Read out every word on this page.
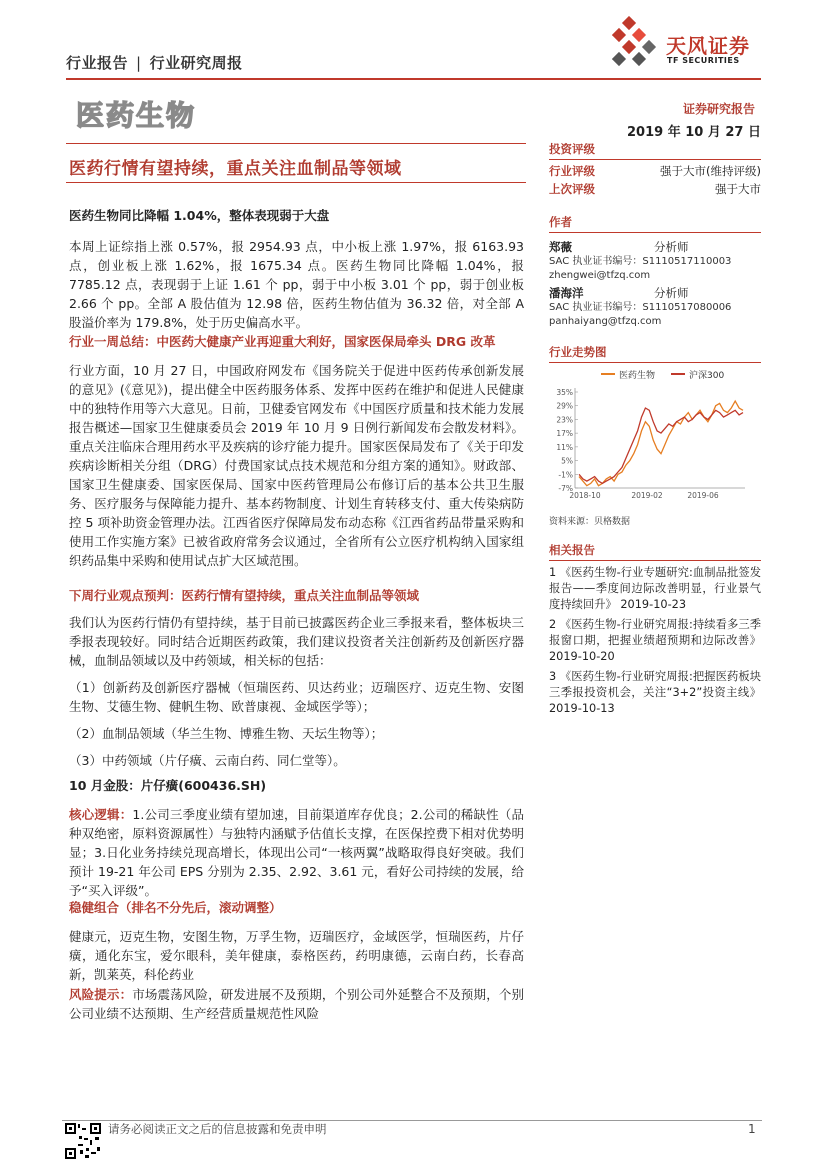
行业报告 | 行业研究周报
天风证券
TF SECURITIES
医药生物	证券研究报告
2019 年 10 月 27 日
医药行情有望持续，重点关注血制品等领域
医药生物同比降幅 1.04%，整体表现弱于大盘
本周上证综指上涨 0.57%，报 2954.93 点，中小板上涨 1.97%，报 6163.93 点，创业板上涨 1.62%，报 1675.34 点。医药生物同比降幅 1.04%，报 7785.12 点，表现弱于上证 1.61 个 pp，弱于中小板 3.01 个 pp，弱于创业板 2.66 个 pp。全部 A 股估值为 12.98 倍，医药生物估值为 36.32 倍，对全部 A 股溢价率为 179.8%，处于历史偏高水平。
行业一周总结：中医药大健康产业再迎重大利好，国家医保局牵头 DRG 改革
行业方面，10 月 27 日，中国政府网发布《国务院关于促进中医药传承创新发展的意见》(《意见》)，提出健全中医药服务体系、发挥中医药在维护和促进人民健康中的独特作用等六大意见。日前，卫健委官网发布《中国医疗质量和技术能力发展报告概述—国家卫生健康委员会 2019 年 10 月 9 日例行新闻发布会散发材料》。重点关注临床合理用药水平及疾病的诊疗能力提升。国家医保局发布了《关于印发疾病诊断相关分组（DRG）付费国家试点技术规范和分组方案的通知》。财政部、国家卫生健康委、国家医保局、国家中医药管理局公布修订后的基本公共卫生服务、医疗服务与保障能力提升、基本药物制度、计划生育转移支付、重大传染病防控 5 项补助资金管理办法。江西省医疗保障局发布动态称《江西省药品带量采购和使用工作实施方案》已被省政府常务会议通过，全省所有公立医疗机构纳入国家组织药品集中采购和使用试点扩大区域范围。
下周行业观点预判：医药行情有望持续，重点关注血制品等领域
我们认为医药行情仍有望持续，基于目前已披露医药企业三季报来看，整体板块三季报表现较好。同时结合近期医药政策，我们建议投资者关注创新药及创新医疗器械，血制品领域以及中药领域，相关标的包括：
（1）创新药及创新医疗器械（恒瑞医药、贝达药业；迈瑞医疗、迈克生物、安图生物、艾德生物、健帆生物、欧普康视、金域医学等）；
（2）血制品领域（华兰生物、博雅生物、天坛生物等）；
（3）中药领域（片仔癀、云南白药、同仁堂等）。
10 月金股：片仔癀(600436.SH)
核心逻辑：1.公司三季度业绩有望加速，目前渠道库存优良；2.公司的稀缺性（品种双绝密，原料资源属性）与独特内涵赋予估值长支撑，在医保控费下相对优势明显；3.日化业务持续兑现高增长，体现出公司“一核两翼”战略取得良好突破。我们预计 19-21 年公司 EPS 分别为 2.35、2.92、3.61 元，看好公司持续的发展，给予“买入评级”。
稳健组合（排名不分先后，滚动调整）
健康元，迈克生物，安图生物，万孚生物，迈瑞医疗，金域医学，恒瑞医药，片仔癀，通化东宝，爱尔眼科，美年健康，泰格医药，药明康德，云南白药，长春高新，凯莱英，科伦药业
风险提示：市场震荡风险，研发进展不及预期，个别公司外延整合不及预期，个别公司业绩不达预期、生产经营质量规范性风险
投资评级
行业评级	强于大市(维持评级)
上次评级	强于大市
作者
郑薇	分析师
SAC 执业证书编号：S1110517110003
zhengwei@tfzq.com
潘海洋	分析师
SAC 执业证书编号：S1110517080006
panhaiyang@tfzq.com
行业走势图
医药生物	沪深300
35%
29%
23%
17%
11%
5%
-1%
-7%
2018-10	2019-02	2019-06
资料来源：贝格数据
相关报告
1 《医药生物-行业专题研究:血制品批签发报告——季度间边际改善明显，行业景气度持续回升》 2019-10-23
2 《医药生物-行业研究周报:持续看多三季报窗口期，把握业绩超预期和边际改善》 2019-10-20
3 《医药生物-行业研究周报:把握医药板块三季报投资机会，关注“3+2”投资主线》 2019-10-13
请务必阅读正文之后的信息披露和免责申明	1
